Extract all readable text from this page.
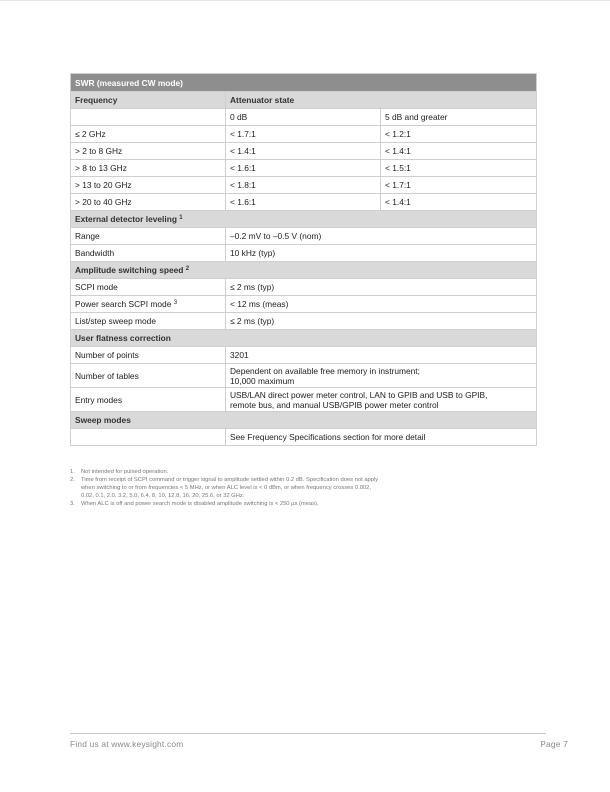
SWR (measured CW mode)		
Frequency	Attenuator state	
	0 dB	5 dB and greater
≤ 2 GHz	< 1.7:1	< 1.2:1
> 2 to 8 GHz	< 1.4:1	< 1.4:1
> 8 to 13 GHz	< 1.6:1	< 1.5:1
> 13 to 20 GHz	< 1.8:1	< 1.7:1
> 20 to 40 GHz	< 1.6:1	< 1.4:1
External detector leveling $^1$
Range	–0.2 mV to –0.5 V (nom)	
Bandwidth	10 kHz (typ)	
Amplitude switching speed $^2$
SCPI mode	≤ 2 ms (typ)	
Power search SCPI mode $^3$	< 12 ms (meas)	
List/step sweep mode	≤ 2 ms (typ)	
User flatness correction		
Number of points	3201	
Number of tables	Dependent on available free memory in instrument;
10,000 maximum	

Entry modes	USB/LAN direct power meter control, LAN to GPIB and USB to GPIB,
remote bus, and manual USB/GPIB power meter control	

Sweep modes		
	See Frequency Specifications section for more detail	
1. Not intended for pulsed operation.
2. Time from receipt of SCPI command or trigger signal to amplitude settled within 0.2 dB. Specification does not apply
when switching to or from frequencies < 5 MHz, or when ALC level is < 0 dBm, or when frequency crosses 0.002,
0.02, 0.1, 2.0, 3.2, 5.0, 6.4, 8, 10, 12.8, 16, 20, 25.6, or 32 GHz.
3. When ALC is off and power search mode is disabled amplitude switching is < 250 µs (meas).
Find us at www.keysight.com	Page 7
